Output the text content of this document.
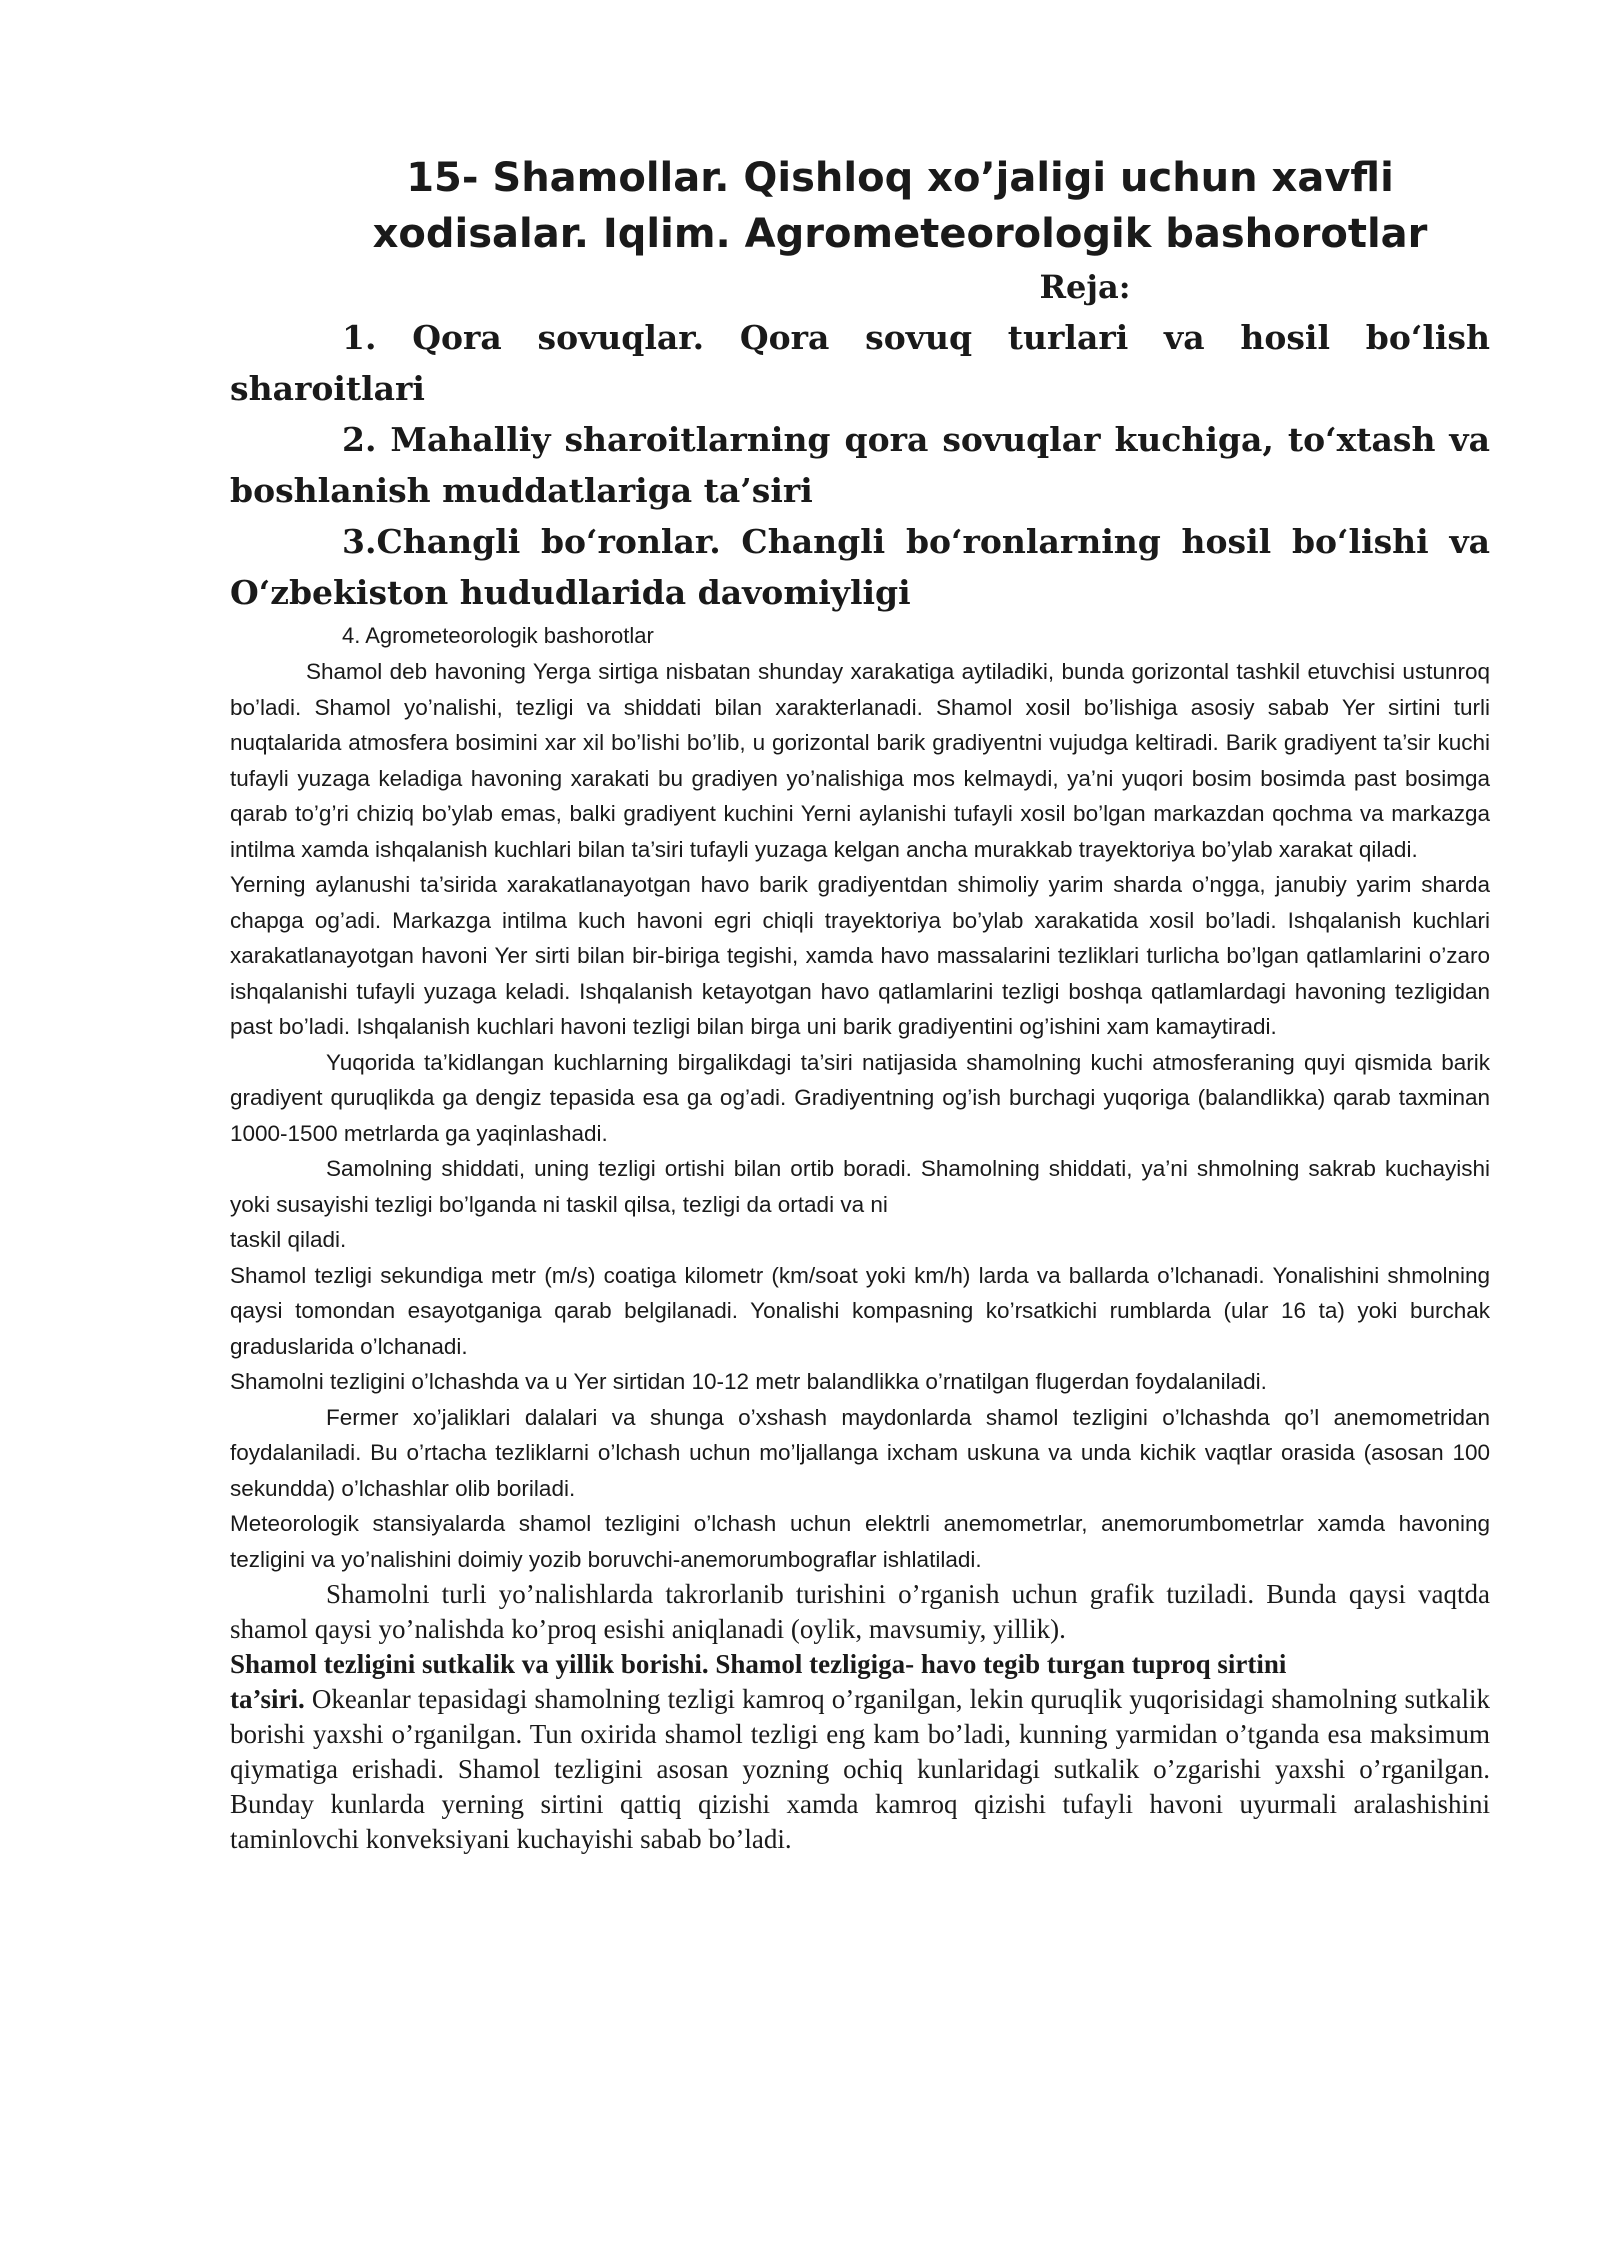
15- Shamollar. Qishloq xo’jaligi uchun xavfli

xodisalar. Iqlim. Agrometeorologik bashorotlar

Reja:

1. Qora sovuqlar. Qora sovuq turlari va hosil bo‘lish sharoitlari

2. Mahalliy sharoitlarning qora sovuqlar kuchiga, to‘xtash va boshlanish muddatlariga ta’siri

3.Changli bo‘ronlar. Changli bo‘ronlarning hosil bo‘lishi va O‘zbekiston hududlarida davomiyligi

4. Agrometeorologik bashorotlar

Shamol deb havoning Yerga sirtiga nisbatan shunday xarakatiga aytiladiki, bunda gorizontal tashkil etuvchisi ustunroq bo’ladi. Shamol yo’nalishi, tezligi va shiddati bilan xarakterlanadi. Shamol xosil bo’lishiga asosiy sabab Yer sirtini turli nuqtalarida atmosfera bosimini xar xil bo’lishi bo’lib, u gorizontal barik gradiyentni vujudga keltiradi. Barik gradiyent ta’sir kuchi tufayli yuzaga keladiga havoning xarakati bu gradiyen yo’nalishiga mos kelmaydi, ya’ni yuqori bosim bosimda past bosimga qarab to’g’ri chiziq bo’ylab emas, balki gradiyent kuchini Yerni aylanishi tufayli xosil bo’lgan markazdan qochma va markazga intilma xamda ishqalanish kuchlari bilan ta’siri tufayli yuzaga kelgan ancha murakkab trayektoriya bo’ylab xarakat qiladi.

Yerning aylanushi ta’sirida xarakatlanayotgan havo barik gradiyentdan shimoliy yarim sharda o’ngga, janubiy yarim sharda chapga og’adi. Markazga intilma kuch havoni egri chiqli trayektoriya bo’ylab xarakatida xosil bo’ladi. Ishqalanish kuchlari xarakatlanayotgan havoni Yer sirti bilan bir-biriga tegishi, xamda havo massalarini tezliklari turlicha bo’lgan qatlamlarini o’zaro ishqalanishi tufayli yuzaga keladi. Ishqalanish ketayotgan havo qatlamlarini tezligi boshqa qatlamlardagi havoning tezligidan past bo’ladi. Ishqalanish kuchlari havoni tezligi bilan birga uni barik gradiyentini og’ishini xam kamaytiradi.

Yuqorida ta’kidlangan kuchlarning birgalikdagi ta’siri natijasida shamolning kuchi atmosferaning quyi qismida barik gradiyent quruqlikda ga dengiz tepasida esa ga og’adi. Gradiyentning og’ish burchagi yuqoriga (balandlikka) qarab taxminan 1000-1500 metrlarda ga yaqinlashadi.

Samolning shiddati, uning tezligi ortishi bilan ortib boradi. Shamolning shiddati, ya’ni shmolning sakrab kuchayishi yoki susayishi tezligi bo’lganda ni taskil qilsa, tezligi da ortadi va ni

taskil qiladi.

Shamol tezligi sekundiga metr (m/s) coatiga kilometr (km/soat yoki km/h) larda va ballarda o’lchanadi. Yonalishini shmolning qaysi tomondan esayotganiga qarab belgilanadi. Yonalishi kompasning ko’rsatkichi rumblarda (ular 16 ta) yoki burchak graduslarida o’lchanadi.

Shamolni tezligini o’lchashda va u Yer sirtidan 10-12 metr balandlikka o’rnatilgan flugerdan foydalaniladi.

Fermer xo’jaliklari dalalari va shunga o’xshash maydonlarda shamol tezligini o’lchashda qo’l anemometridan foydalaniladi. Bu o’rtacha tezliklarni o’lchash uchun mo’ljallanga ixcham uskuna va unda kichik vaqtlar orasida (asosan 100 sekundda) o’lchashlar olib boriladi.

Meteorologik stansiyalarda shamol tezligini o’lchash uchun elektrli anemometrlar, anemorumbometrlar xamda havoning tezligini va yo’nalishini doimiy yozib boruvchi-anemorumbograflar ishlatiladi.

Shamolni turli yo’nalishlarda takrorlanib turishini o’rganish uchun grafik tuziladi. Bunda qaysi vaqtda shamol qaysi yo’nalishda ko’proq esishi aniqlanadi (oylik, mavsumiy, yillik).

Shamol tezligini sutkalik va yillik borishi. Shamol tezligiga- havo tegib turgan tuproq sirtini

ta’siri. Okeanlar tepasidagi shamolning tezligi kamroq o’rganilgan, lekin quruqlik yuqorisidagi shamolning sutkalik borishi yaxshi o’rganilgan. Tun oxirida shamol tezligi eng kam bo’ladi, kunning yarmidan o’tganda esa maksimum qiymatiga erishadi. Shamol tezligini asosan yozning ochiq kunlaridagi sutkalik o’zgarishi yaxshi o’rganilgan. Bunday kunlarda yerning sirtini qattiq qizishi xamda kamroq qizishi tufayli havoni uyurmali aralashishini taminlovchi konveksiyani kuchayishi sabab bo’ladi.
